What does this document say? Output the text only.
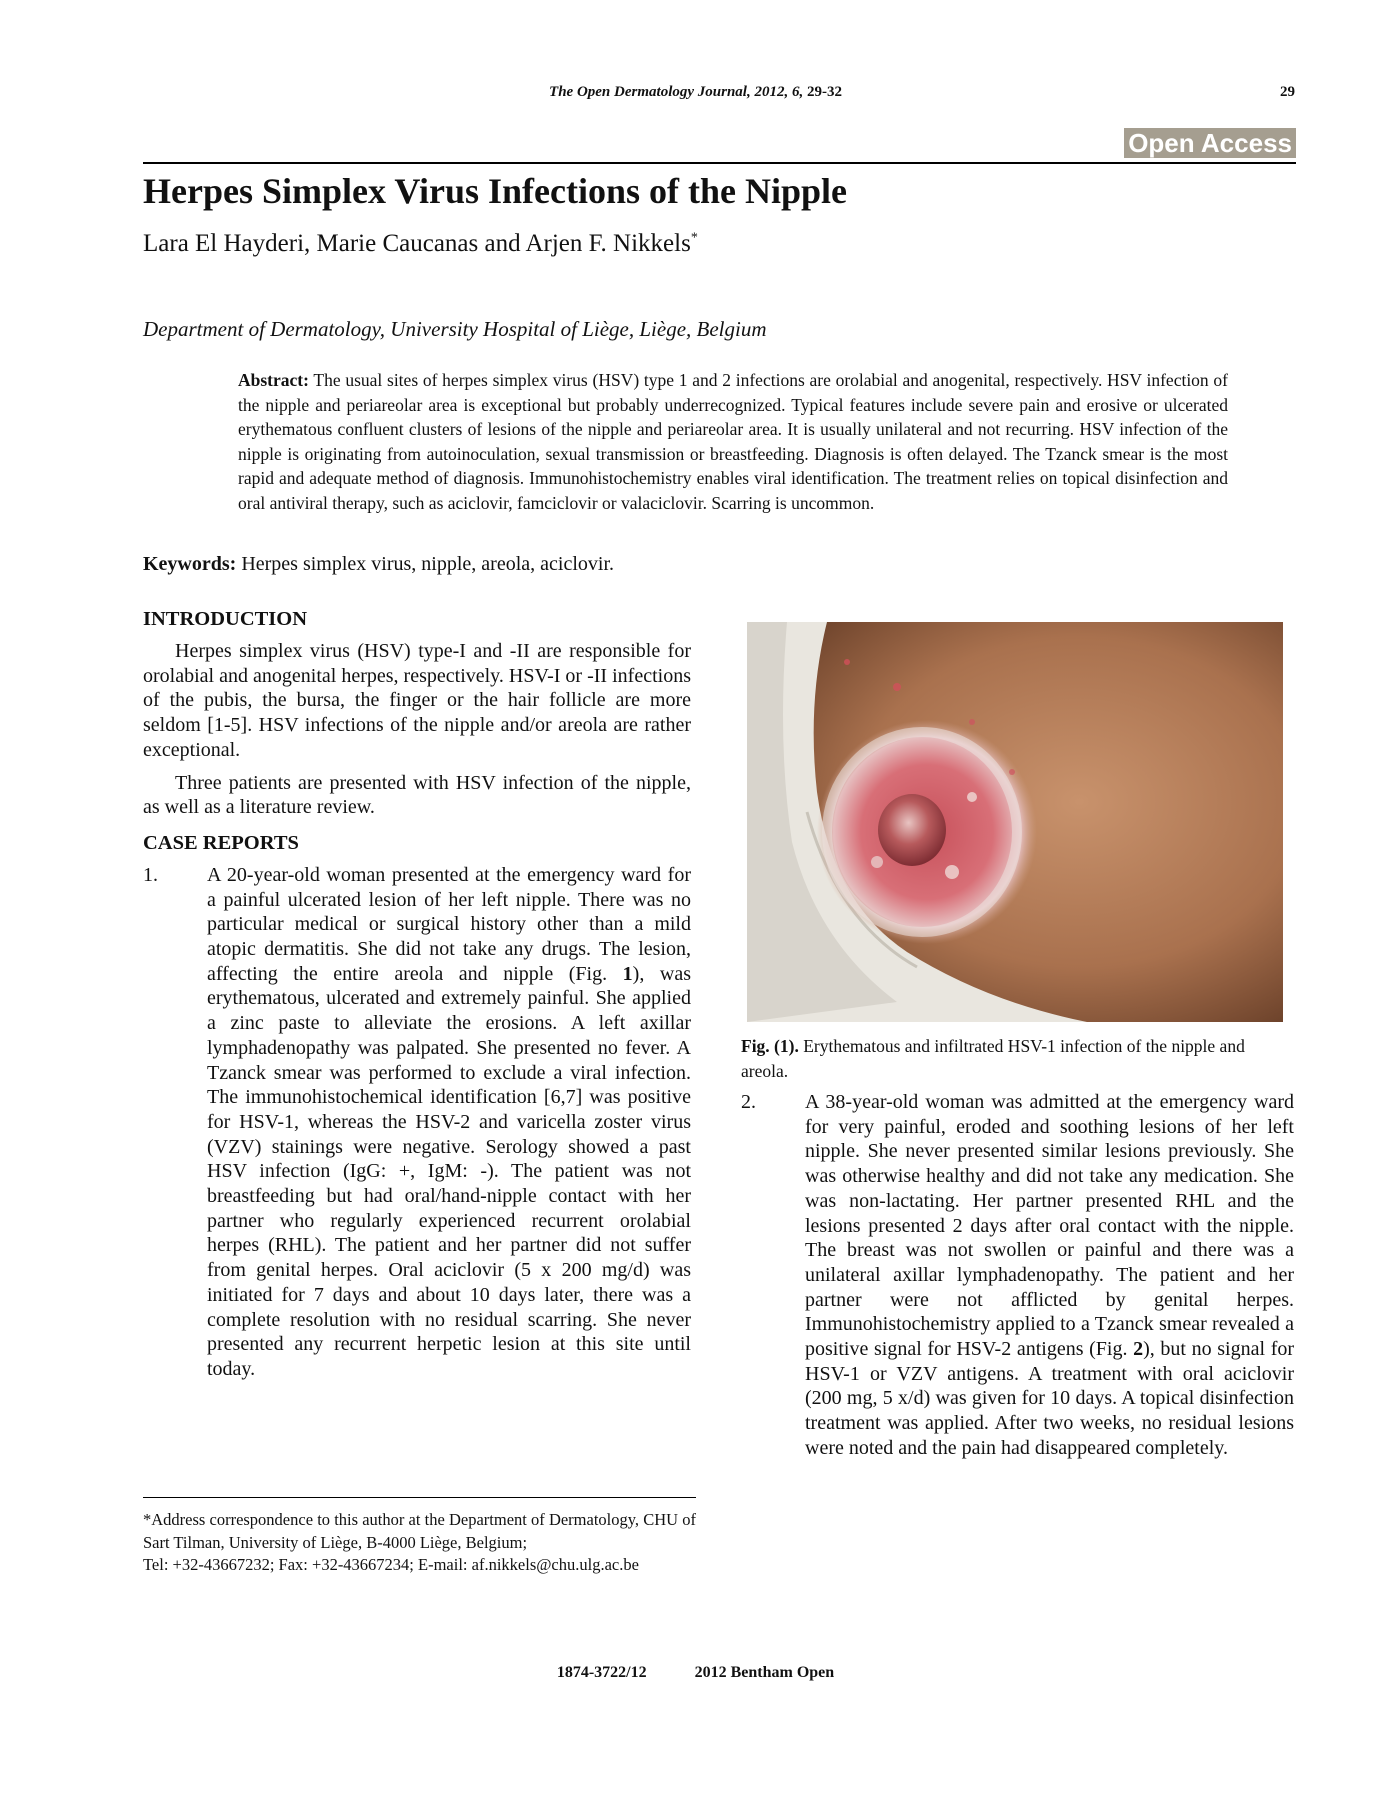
The Open Dermatology Journal, 2012, 6, 29-32	29
Open Access
Herpes Simplex Virus Infections of the Nipple
Lara El Hayderi, Marie Caucanas and Arjen F. Nikkels*
Department of Dermatology, University Hospital of Liège, Liège, Belgium
Abstract: The usual sites of herpes simplex virus (HSV) type 1 and 2 infections are orolabial and anogenital, respectively. HSV infection of the nipple and periareolar area is exceptional but probably underrecognized. Typical features include severe pain and erosive or ulcerated erythematous confluent clusters of lesions of the nipple and periareolar area. It is usually unilateral and not recurring. HSV infection of the nipple is originating from autoinoculation, sexual transmission or breastfeeding. Diagnosis is often delayed. The Tzanck smear is the most rapid and adequate method of diagnosis. Immunohistochemistry enables viral identification. The treatment relies on topical disinfection and oral antiviral therapy, such as aciclovir, famciclovir or valaciclovir. Scarring is uncommon.
Keywords: Herpes simplex virus, nipple, areola, aciclovir.
INTRODUCTION

Herpes simplex virus (HSV) type-I and -II are responsible for orolabial and anogenital herpes, respectively. HSV-I or -II infections of the pubis, the bursa, the finger or the hair follicle are more seldom [1-5]. HSV infections of the nipple and/or areola are rather exceptional.

Three patients are presented with HSV infection of the nipple, as well as a literature review.

CASE REPORTS
1.	A 20-year-old woman presented at the emergency ward for a painful ulcerated lesion of her left nipple. There was no particular medical or surgical history other than a mild atopic dermatitis. She did not take any drugs. The lesion, affecting the entire areola and nipple (Fig. 1), was erythematous, ulcerated and extremely painful. She applied a zinc paste to alleviate the erosions. A left axillar lymphadenopathy was palpated. She presented no fever. A Tzanck smear was performed to exclude a viral infection. The immunohistochemical identification [6,7] was positive for HSV-1, whereas the HSV-2 and varicella zoster virus (VZV) stainings were negative. Serology showed a past HSV infection (IgG: +, IgM: -). The patient was not breastfeeding but had oral/hand-nipple contact with her partner who regularly experienced recurrent orolabial herpes (RHL). The patient and her partner did not suffer from genital herpes. Oral aciclovir (5 x 200 mg/d) was initiated for 7 days and about 10 days later, there was a complete resolution with no residual scarring. She never presented any recurrent herpetic lesion at this site until today.
*Address correspondence to this author at the Department of Dermatology, CHU of Sart Tilman, University of Liège, B-4000 Liège, Belgium;
Tel: +32-43667232; Fax: +32-43667234; E-mail: af.nikkels@chu.ulg.ac.be
Fig. (1). Erythematous and infiltrated HSV-1 infection of the nipple and areola.
2.	A 38-year-old woman was admitted at the emergency ward for very painful, eroded and soothing lesions of her left nipple. She never presented similar lesions previously. She was otherwise healthy and did not take any medication. She was non-lactating. Her partner presented RHL and the lesions presented 2 days after oral contact with the nipple. The breast was not swollen or painful and there was a unilateral axillar lymphadenopathy. The patient and her partner were not afflicted by genital herpes. Immunohistochemistry applied to a Tzanck smear revealed a positive signal for HSV-2 antigens (Fig. 2), but no signal for HSV-1 or VZV antigens. A treatment with oral aciclovir (200 mg, 5 x/d) was given for 10 days. A topical disinfection treatment was applied. After two weeks, no residual lesions were noted and the pain had disappeared completely.
1874-3722/12	2012 Bentham Open
